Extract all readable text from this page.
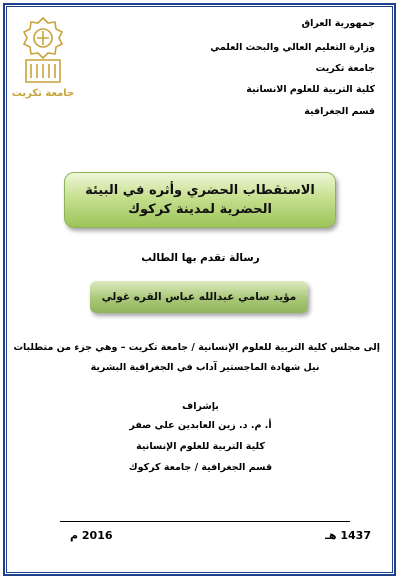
جمهورية العراق
وزارة التعليم العالي والبحث العلمي
جامعة تكريت
كلية التربية للعلوم الانسانية
قسم الجغرافية
جامعة تكريت
الاستقطاب الحضري وأثره في البيئة الحضرية لمدينة كركوك
رسالة تقدم بها الطالب
مؤيد سامي عبدالله عباس القره غولي
إلى مجلس كلية التربية للعلوم الإنسانية / جامعة تكريت – وهي جزء من متطلبات
نيل شهادة الماجستير آداب في الجغرافية البشرية
بإشراف
أ. م. د. زين العابدين علي صفر
كلية التربية للعلوم الإنسانية
قسم الجغرافية / جامعة كركوك
1437 هـ
2016 م
